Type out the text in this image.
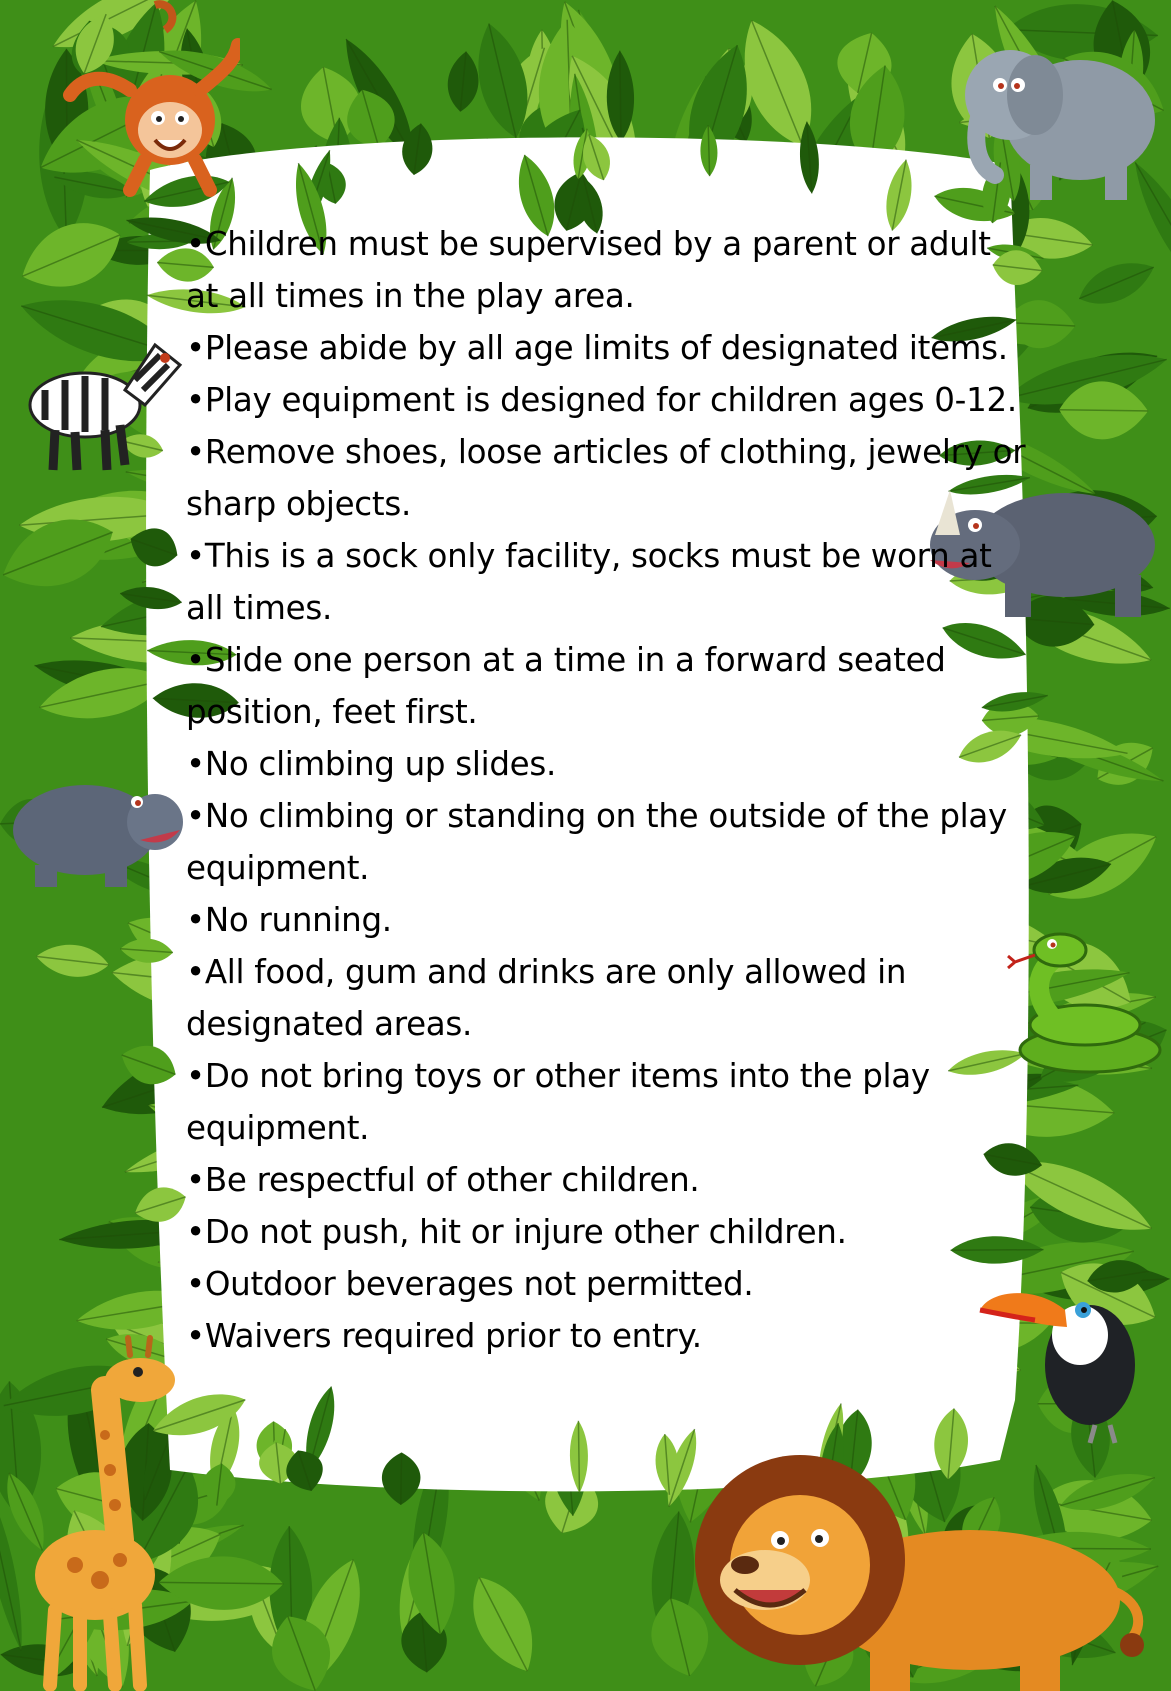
•Children must be supervised by a parent or adult at all times in the play area.
•Please abide by all age limits of designated items.
•Play equipment is designed for children ages 0-12.
•Remove shoes, loose articles of clothing, jewelry or sharp objects.
•This is a sock only facility, socks must be worn at all times.
•Slide one person at a time in a forward seated position, feet first.
•No climbing up slides.
•No climbing or standing on the outside of the play equipment.
•No running.
•All food, gum and drinks are only allowed in designated areas.
•Do not bring toys or other items into the play equipment.
•Be respectful of other children.
•Do not push, hit or injure other children.
•Outdoor beverages not permitted.
•Waivers required prior to entry.
